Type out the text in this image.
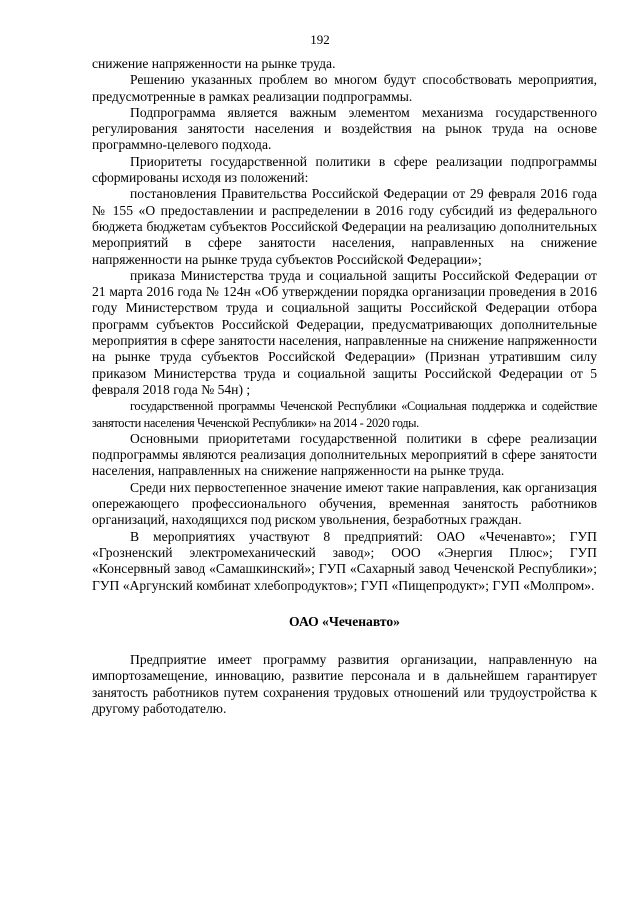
192

снижение напряженности на рынке труда.

Решению указанных проблем во многом будут способствовать мероприятия, предусмотренные в рамках реализации подпрограммы.

Подпрограмма является важным элементом механизма государственного регулирования занятости населения и воздействия на рынок труда на основе программно-целевого подхода.

Приоритеты государственной политики в сфере реализации подпрограммы сформированы исходя из положений:

постановления Правительства Российской Федерации от 29 февраля 2016 года № 155 «О предоставлении и распределении в 2016 году субсидий из федерального бюджета бюджетам субъектов Российской Федерации на реализацию дополнительных мероприятий в сфере занятости населения, направленных на снижение напряженности на рынке труда субъектов Российской Федерации»;

приказа Министерства труда и социальной защиты Российской Федерации от 21 марта 2016 года № 124н «Об утверждении порядка организации проведения в 2016 году Министерством труда и социальной защиты Российской Федерации отбора программ субъектов Российской Федерации, предусматривающих дополнительные мероприятия в сфере занятости населения, направленные на снижение напряженности на рынке труда субъектов Российской Федерации» (Признан утратившим силу приказом Министерства труда и социальной защиты Российской Федерации от 5 февраля 2018 года № 54н) ;

государственной программы Чеченской Республики «Социальная поддержка и содействие занятости населения Чеченской Республики» на 2014 - 2020 годы.

Основными приоритетами государственной политики в сфере реализации подпрограммы являются реализация дополнительных мероприятий в сфере занятости населения, направленных на снижение напряженности на рынке труда.

Среди них первостепенное значение имеют такие направления, как организация опережающего профессионального обучения, временная занятость работников организаций, находящихся под риском увольнения, безработных граждан.

В мероприятиях участвуют 8 предприятий: ОАО «Чеченавто»; ГУП «Грозненский электромеханический завод»; ООО «Энергия Плюс»; ГУП «Консервный завод «Самашкинский»; ГУП «Сахарный завод Чеченской Республики»; ГУП «Аргунский комбинат хлебопродуктов»; ГУП «Пищепродукт»; ГУП «Молпром».

ОАО «Чеченавто»

Предприятие имеет программу развития организации, направленную на импортозамещение, инновацию, развитие персонала и в дальнейшем гарантирует занятость работников путем сохранения трудовых отношений или трудоустройства к другому работодателю.
